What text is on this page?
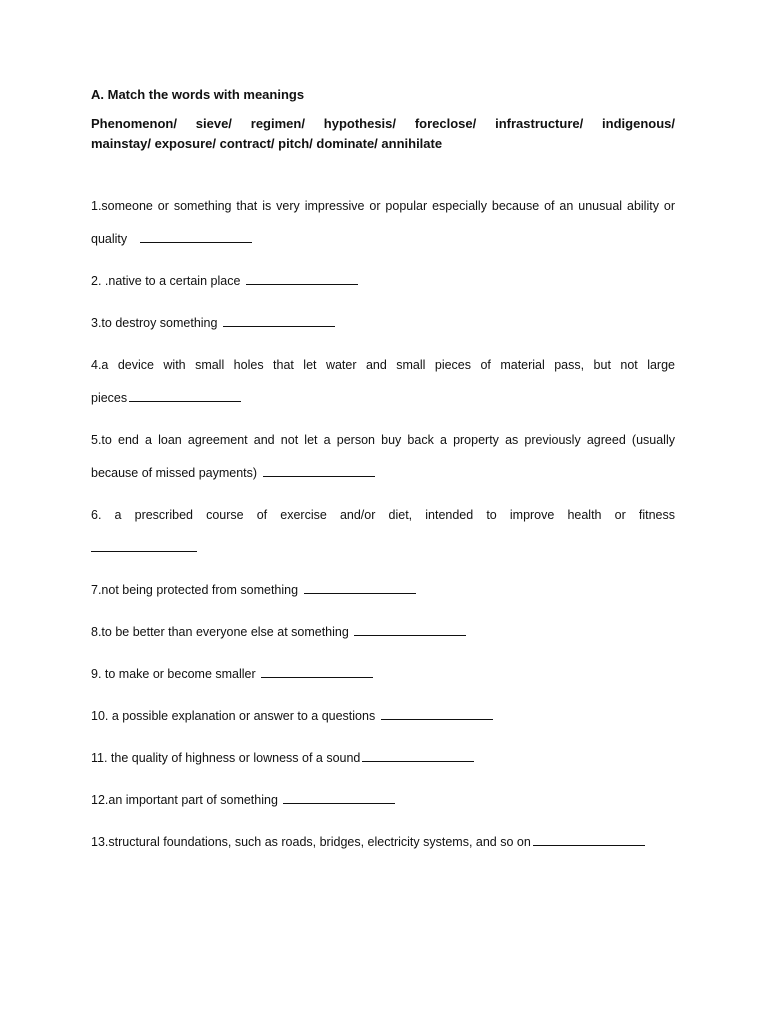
A. Match the words with meanings
Phenomenon/ sieve/ regimen/ hypothesis/ foreclose/ infrastructure/ indigenous/
mainstay/ exposure/ contract/ pitch/ dominate/ annihilate
1.someone or something that is very impressive or popular especially because of an unusual ability or
quality
2. .native to a certain place
3.to destroy something
4.a device with small holes that let water and small pieces of material pass, but not large
pieces
5.to end a loan agreement and not let a person buy back a property as previously agreed (usually
because of missed payments)
6. a prescribed course of exercise and/or diet, intended to improve health or fitness
7.not being protected from something
8.to be better than everyone else at something
9. to make or become smaller
10. a possible explanation or answer to a questions
11. the quality of highness or lowness of a sound
12.an important part of something
13.structural foundations, such as roads, bridges, electricity systems, and so on
